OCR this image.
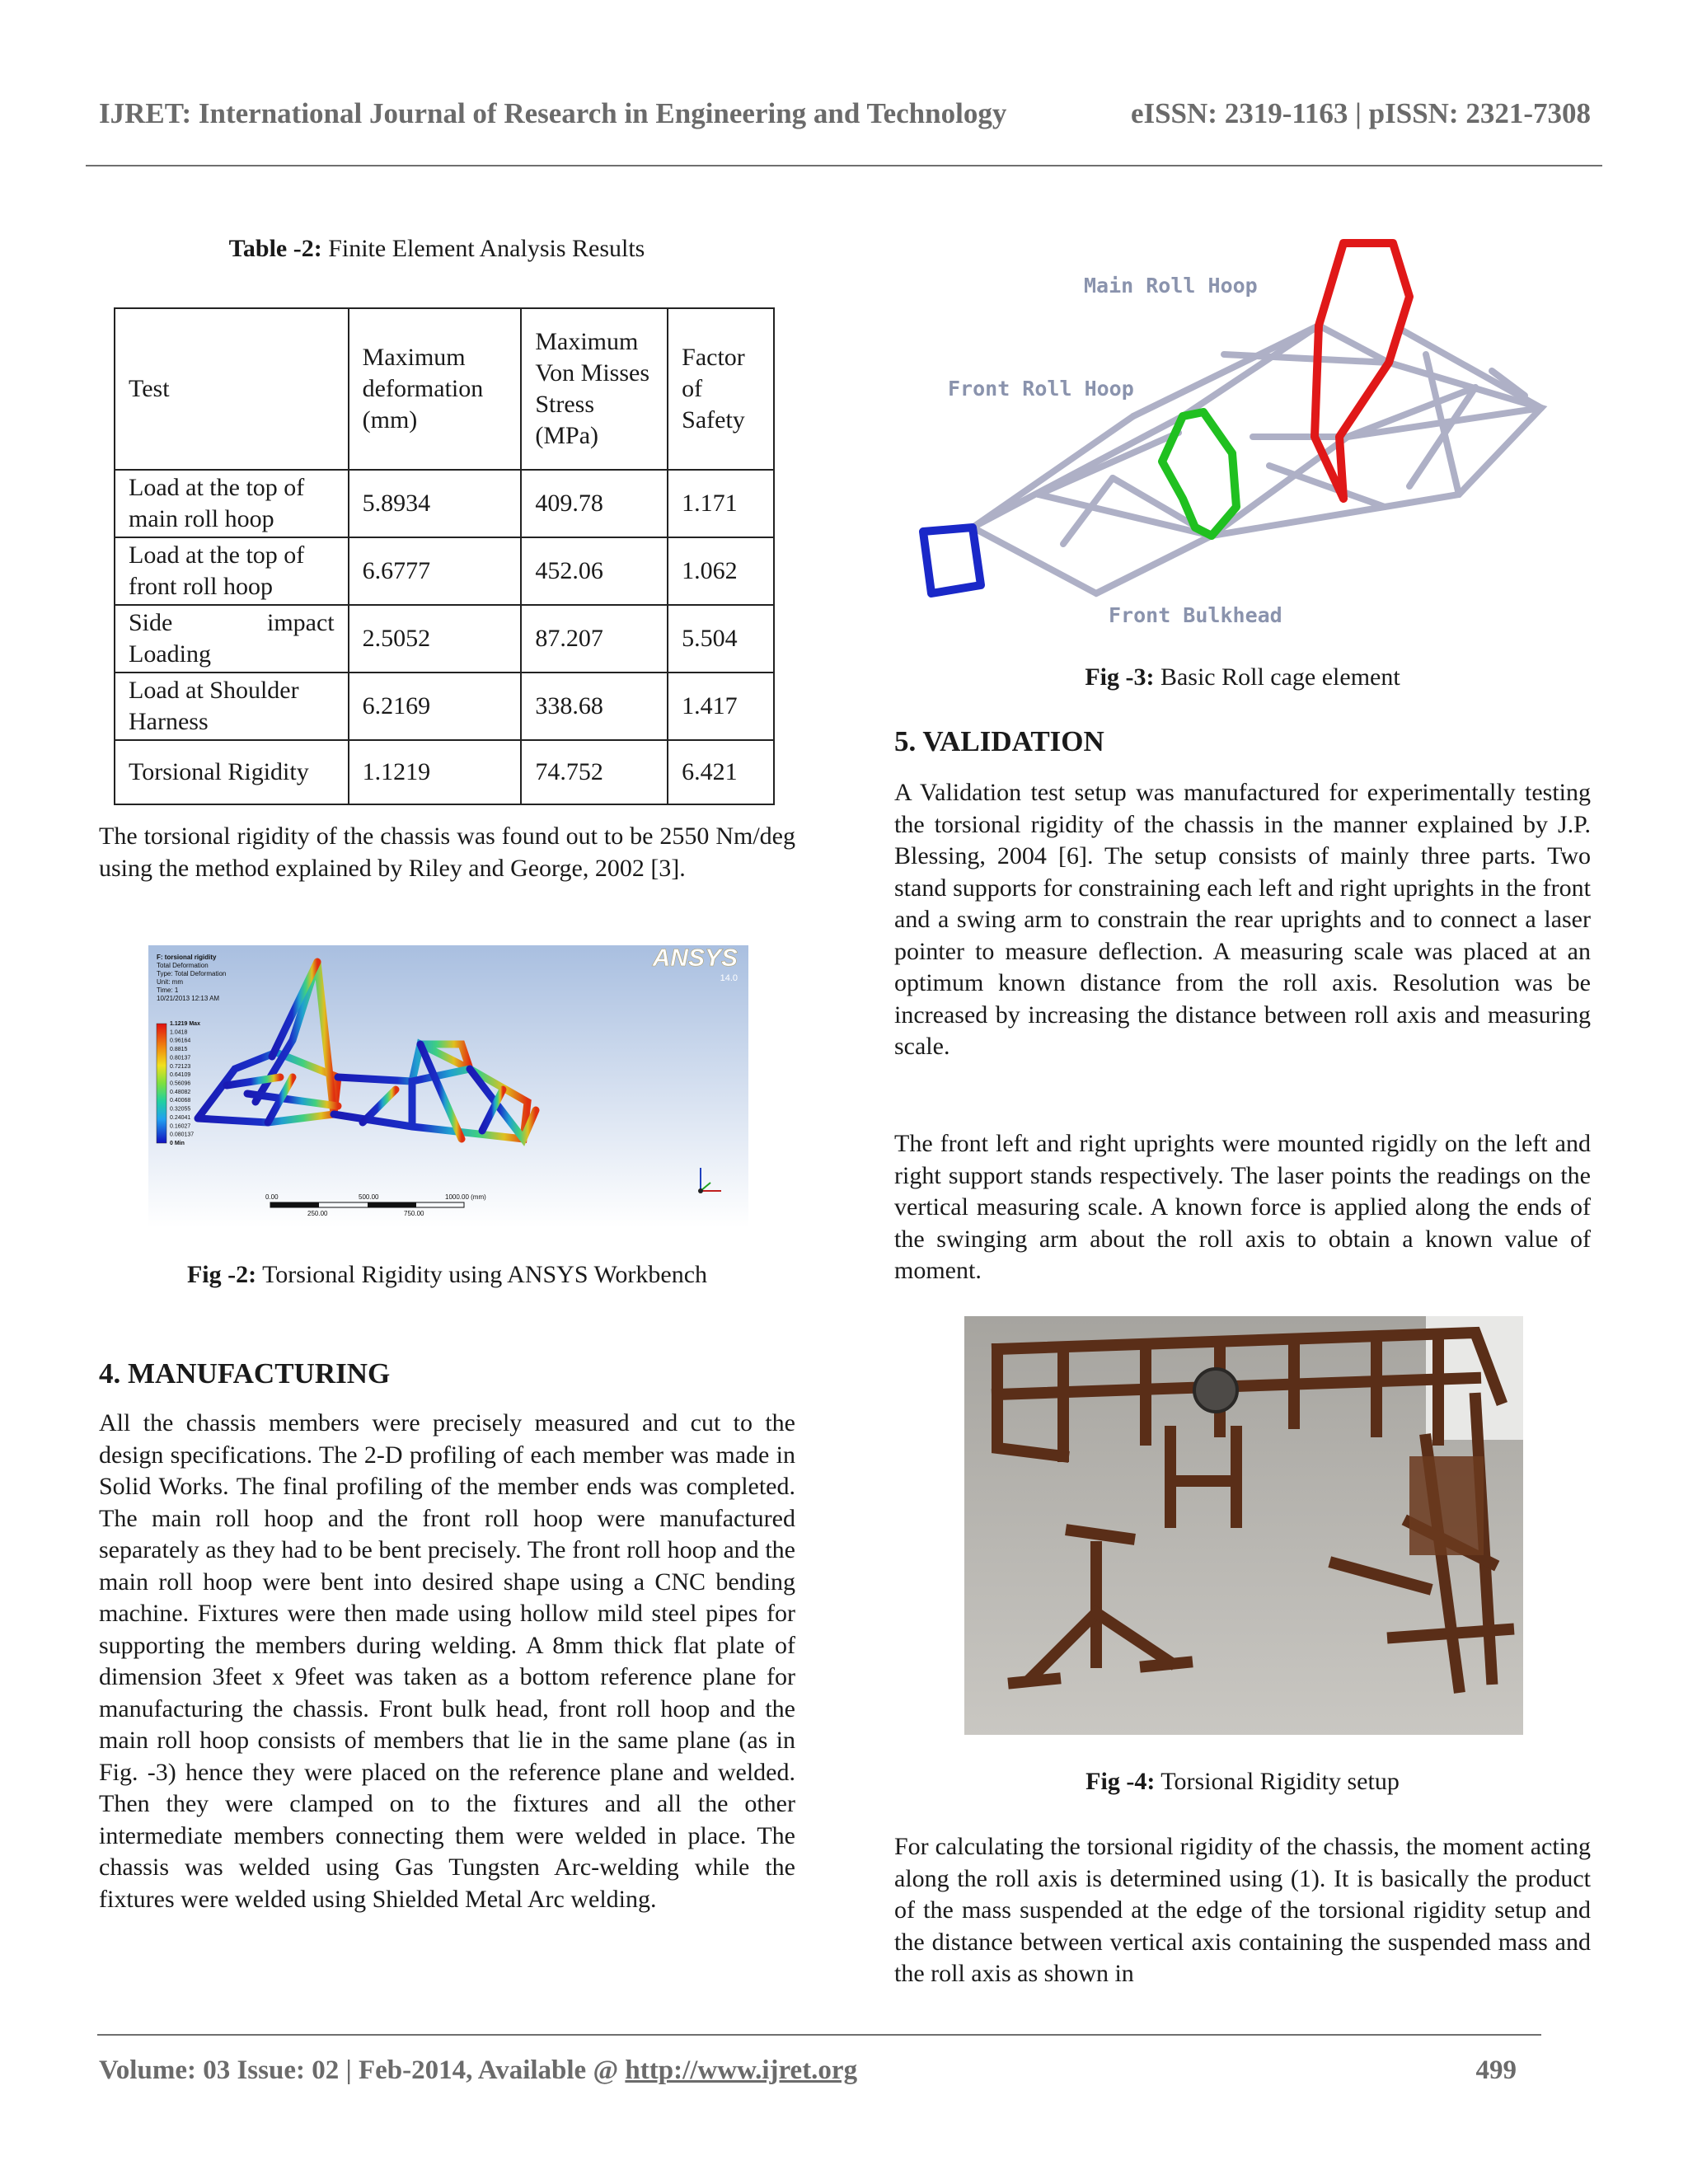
IJRET: International Journal of Research in Engineering and Technology	eISSN: 2319-1163 | pISSN: 2321-7308
Table -2: Finite Element Analysis Results
Test	Maximum deformation (mm)	Maximum Von Misses Stress (MPa)	Factor of Safety
Load at the top of main roll hoop	5.8934	409.78	1.171
Load at the top of front roll hoop	6.6777	452.06	1.062
Side impact Loading	2.5052	87.207	5.504
Load at Shoulder Harness	6.2169	338.68	1.417
Torsional Rigidity	1.1219	74.752	6.421

The torsional rigidity of the chassis was found out to be 2550 Nm/deg using the method explained by Riley and George, 2002 [3].

F: torsional rigidity
Total Deformation
Type: Total Deformation
Unit: mm
Time: 1
10/21/2013 12:13 AM
1.1219 Max
1.0418
0.96164
0.8815
0.80137
0.72123
0.64109
0.56096
0.48082
0.40068
0.32055
0.24041
0.16027
0.080137
0 Min
ANSYS
14.0
0.00	500.00	1000.00 (mm)
250.00	750.00
Fig -2: Torsional Rigidity using ANSYS Workbench
4. MANUFACTURING

All the chassis members were precisely measured and cut to the design specifications. The 2-D profiling of each member was made in Solid Works. The final profiling of the member ends was completed. The main roll hoop and the front roll hoop were manufactured separately as they had to be bent precisely. The front roll hoop and the main roll hoop were bent into desired shape using a CNC bending machine. Fixtures were then made using hollow mild steel pipes for supporting the members during welding. A 8mm thick flat plate of dimension 3feet x 9feet was taken as a bottom reference plane for manufacturing the chassis. Front bulk head, front roll hoop and the main roll hoop consists of members that lie in the same plane (as in Fig. -3) hence they were placed on the reference plane and welded. Then they were clamped on to the fixtures and all the other intermediate members connecting them were welded in place. The chassis was welded using Gas Tungsten Arc-welding while the fixtures were welded using Shielded Metal Arc welding.

Main Roll Hoop
Front Roll Hoop
Front Bulkhead
Fig -3: Basic Roll cage element
5. VALIDATION

A Validation test setup was manufactured for experimentally testing the torsional rigidity of the chassis in the manner explained by J.P. Blessing, 2004 [6]. The setup consists of mainly three parts. Two stand supports for constraining each left and right uprights in the front and a swing arm to constrain the rear uprights and to connect a laser pointer to measure deflection. A measuring scale was placed at an optimum known distance from the roll axis. Resolution was be increased by increasing the distance between roll axis and measuring scale.

The front left and right uprights were mounted rigidly on the left and right support stands respectively. The laser points the readings on the vertical measuring scale. A known force is applied along the ends of the swinging arm about the roll axis to obtain a known value of moment.

Fig -4: Torsional Rigidity setup

For calculating the torsional rigidity of the chassis, the moment acting along the roll axis is determined using (1). It is basically the product of the mass suspended at the edge of the torsional rigidity setup and the distance between vertical axis containing the suspended mass and the roll axis as shown in

Volume: 03 Issue: 02 | Feb-2014, Available @ http://www.ijret.org	499
